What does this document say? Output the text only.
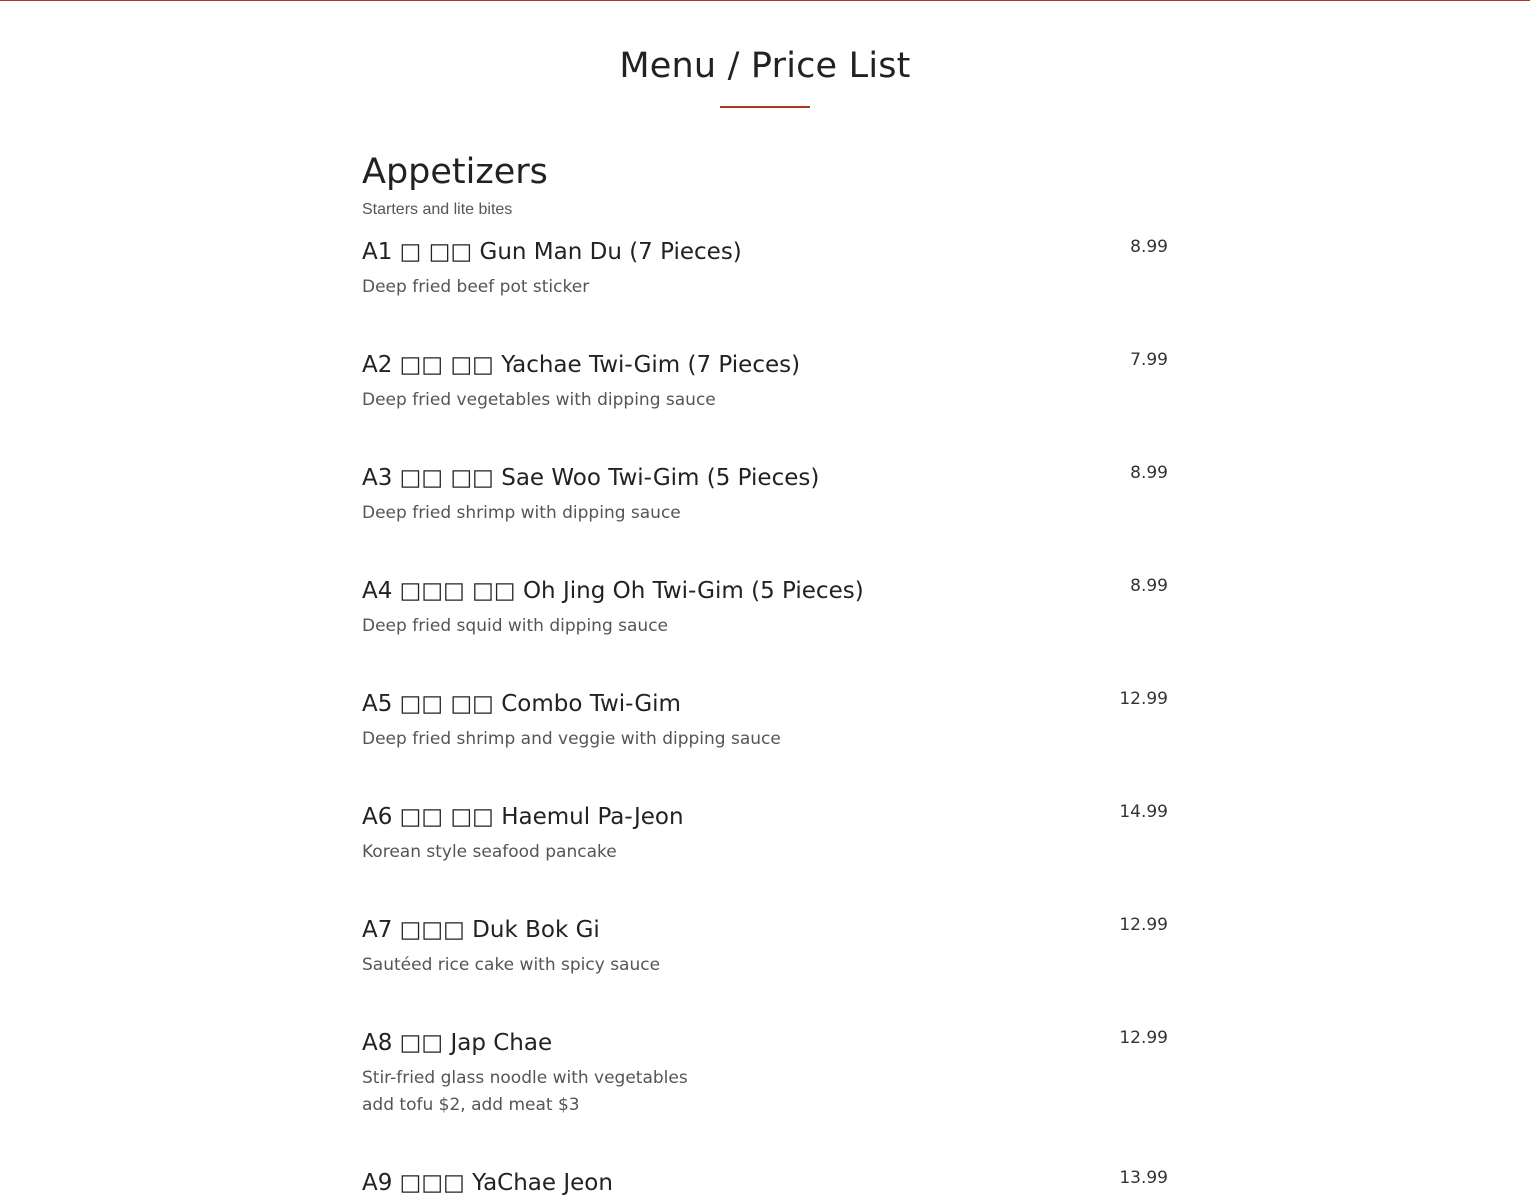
Menu / Price List
Appetizers
Starters and lite bites
A1 □ □□ Gun Man Du (7 Pieces)	8.99
Deep fried beef pot sticker
A2 □□ □□ Yachae Twi-Gim (7 Pieces)	7.99
Deep fried vegetables with dipping sauce
A3 □□ □□ Sae Woo Twi-Gim (5 Pieces)	8.99
Deep fried shrimp with dipping sauce
A4 □□□ □□ Oh Jing Oh Twi-Gim (5 Pieces)	8.99
Deep fried squid with dipping sauce
A5 □□ □□ Combo Twi-Gim	12.99
Deep fried shrimp and veggie with dipping sauce
A6 □□ □□ Haemul Pa-Jeon	14.99
Korean style seafood pancake
A7 □□□ Duk Bok Gi	12.99
Sautéed rice cake with spicy sauce
A8 □□ Jap Chae	12.99
Stir-fried glass noodle with vegetables
add tofu $2, add meat $3
A9 □□□ YaChae Jeon	13.99
